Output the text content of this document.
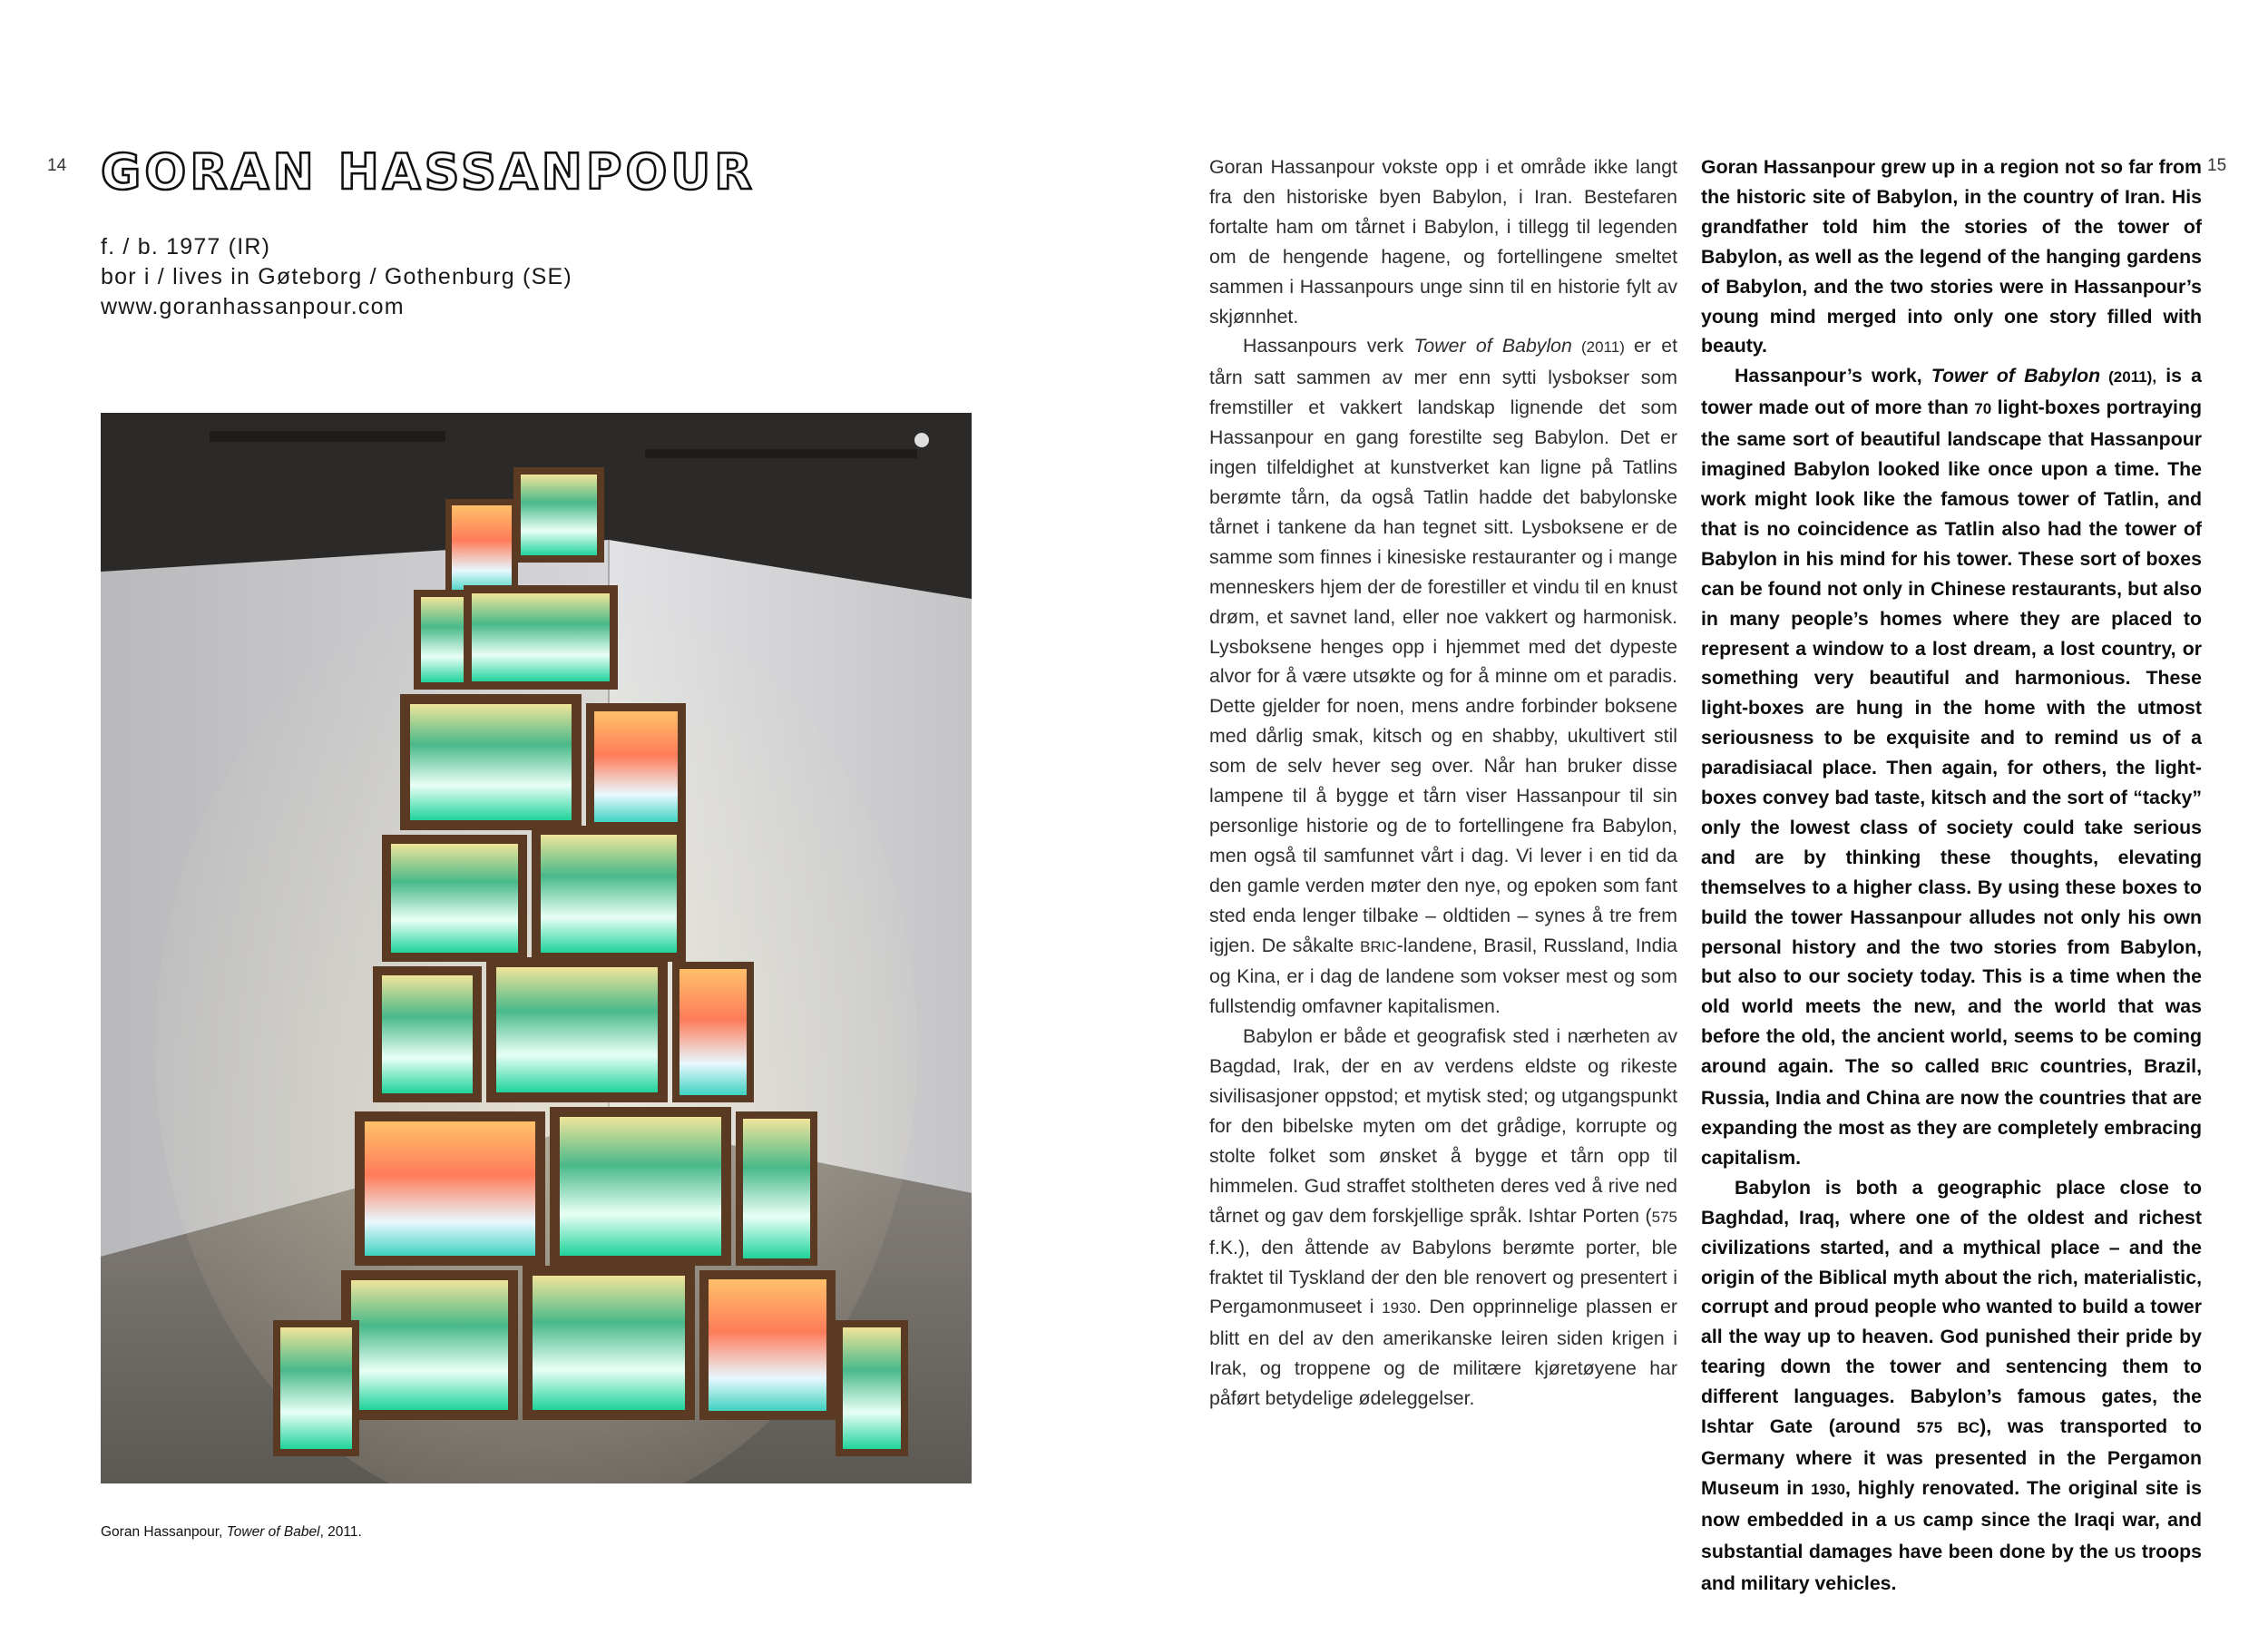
14	15
GORAN HASSANPOUR
f. / b. 1977 (IR)
bor i / lives in Gøteborg / Gothenburg (SE)
www.goranhassanpour.com
Goran Hassanpour, Tower of Babel, 2011.

Goran Hassanpour vokste opp i et område ikke langt fra den historiske byen Babylon, i Iran. Bestefaren fortalte ham om tårnet i Babylon, i tillegg til legenden om de hengende hagene, og fortellingene smeltet sammen i Hassanpours unge sinn til en historie fylt av skjønnhet.

Hassanpours verk Tower of Babylon (2011) er et tårn satt sammen av mer enn sytti lysbokser som fremstiller et vakkert landskap lignende det som Hassanpour en gang forestilte seg Babylon. Det er ingen tilfeldighet at kunstverket kan ligne på Tatlins berømte tårn, da også Tatlin hadde det babylonske tårnet i tankene da han tegnet sitt. Lysboksene er de samme som finnes i kinesiske restauranter og i mange menneskers hjem der de forestiller et vindu til en knust drøm, et savnet land, eller noe vakkert og harmonisk. Lysboksene henges opp i hjemmet med det dypeste alvor for å være utsøkte og for å minne om et paradis. Dette gjelder for noen, mens andre forbinder boksene med dårlig smak, kitsch og en shabby, ukultivert stil som de selv hever seg over. Når han bruker disse lampene til å bygge et tårn viser Hassanpour til sin personlige historie og de to fortellingene fra Babylon, men også til samfunnet vårt i dag. Vi lever i en tid da den gamle verden møter den nye, og epoken som fant sted enda lenger tilbake – oldtiden – synes å tre frem igjen. De såkalte BRIC-landene, Brasil, Russland, India og Kina, er i dag de landene som vokser mest og som fullstendig omfavner kapitalismen.

Babylon er både et geografisk sted i nærheten av Bagdad, Irak, der en av verdens eldste og rikeste sivilisasjoner oppstod; et mytisk sted; og utgangspunkt for den bibelske myten om det grådige, korrupte og stolte folket som ønsket å bygge et tårn opp til himmelen. Gud straffet stoltheten deres ved å rive ned tårnet og gav dem forskjellige språk. Ishtar Porten (575 f.K.), den åttende av Babylons berømte porter, ble fraktet til Tyskland der den ble renovert og presentert i Pergamonmuseet i 1930. Den opprinnelige plassen er blitt en del av den amerikanske leiren siden krigen i Irak, og troppene og de militære kjøretøyene har påført betydelige ødeleggelser.

Goran Hassanpour grew up in a region not so far from the historic site of Babylon, in the country of Iran. His grandfather told him the stories of the tower of Babylon, as well as the legend of the hanging gardens of Babylon, and the two stories were in Hassanpour’s young mind merged into only one story filled with beauty.

Hassanpour’s work, Tower of Babylon (2011), is a tower made out of more than 70 light-boxes portraying the same sort of beautiful landscape that Hassanpour imagined Babylon looked like once upon a time. The work might look like the famous tower of Tatlin, and that is no coincidence as Tatlin also had the tower of Babylon in his mind for his tower. These sort of boxes can be found not only in Chinese restaurants, but also in many people’s homes where they are placed to represent a window to a lost dream, a lost country, or something very beautiful and harmonious. These light-boxes are hung in the home with the utmost seriousness to be exquisite and to remind us of a paradisiacal place. Then again, for others, the light-boxes convey bad taste, kitsch and the sort of “tacky” only the lowest class of society could take serious and are by thinking these thoughts, elevating themselves to a higher class. By using these boxes to build the tower Hassanpour alludes not only his own personal history and the two stories from Babylon, but also to our society today. This is a time when the old world meets the new, and the world that was before the old, the ancient world, seems to be coming around again. The so called BRIC countries, Brazil, Russia, India and China are now the countries that are expanding the most as they are completely embracing capitalism.

Babylon is both a geographic place close to Baghdad, Iraq, where one of the oldest and richest civilizations started, and a mythical place – and the origin of the Biblical myth about the rich, materialistic, corrupt and proud people who wanted to build a tower all the way up to heaven. God punished their pride by tearing down the tower and sentencing them to different languages. Babylon’s famous gates, the Ishtar Gate (around 575 BC), was transported to Germany where it was presented in the Pergamon Museum in 1930, highly renovated. The original site is now embedded in a US camp since the Iraqi war, and substantial damages have been done by the US troops and military vehicles.
